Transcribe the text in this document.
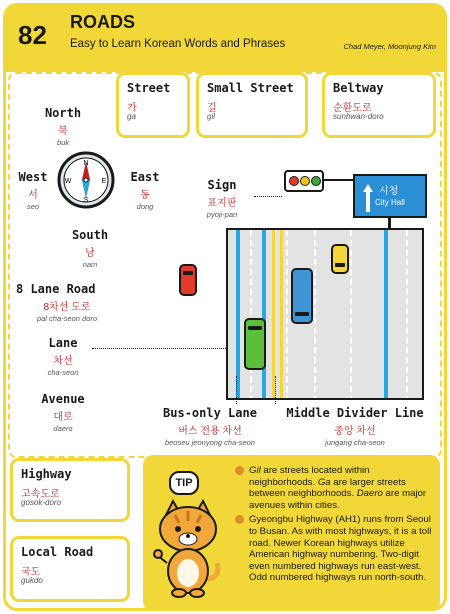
82 ROADS
Easy to Learn Korean Words and Phrases	Chad Meyer, Moonjung Kim
Street
가
ga
Small Street
길
gil
Beltway
순환도로
sunhwan-doro
North
북
buk
West
서
seo
East
동
dong
South
남
nam
N
S
E
W
시청
City Hall
Sign
표지판
pyoji-pan
8 Lane Road
8차선 도로
pal cha-seon doro
Lane
차선
cha-seon
Avenue
대로
daero
Bus-only Lane
버스 전용 차선
beoseu jeonyong cha-seon
Middle Divider Line
중앙 차선
jungang cha-seon
Highway
고속도로
gosok-doro
Local Road
국도
gukdo
TIP

Gil are streets located within neighborhoods. Ga are larger streets between neighborhoods. Daero are major avenues within cities.

Gyeongbu Highway (AH1) runs from Seoul to Busan. As with most highways, it is a toll road. Newer Korean highways utilize American highway numbering. Two-digit even numbered highways run east-west. Odd numbered highways run north-south.
